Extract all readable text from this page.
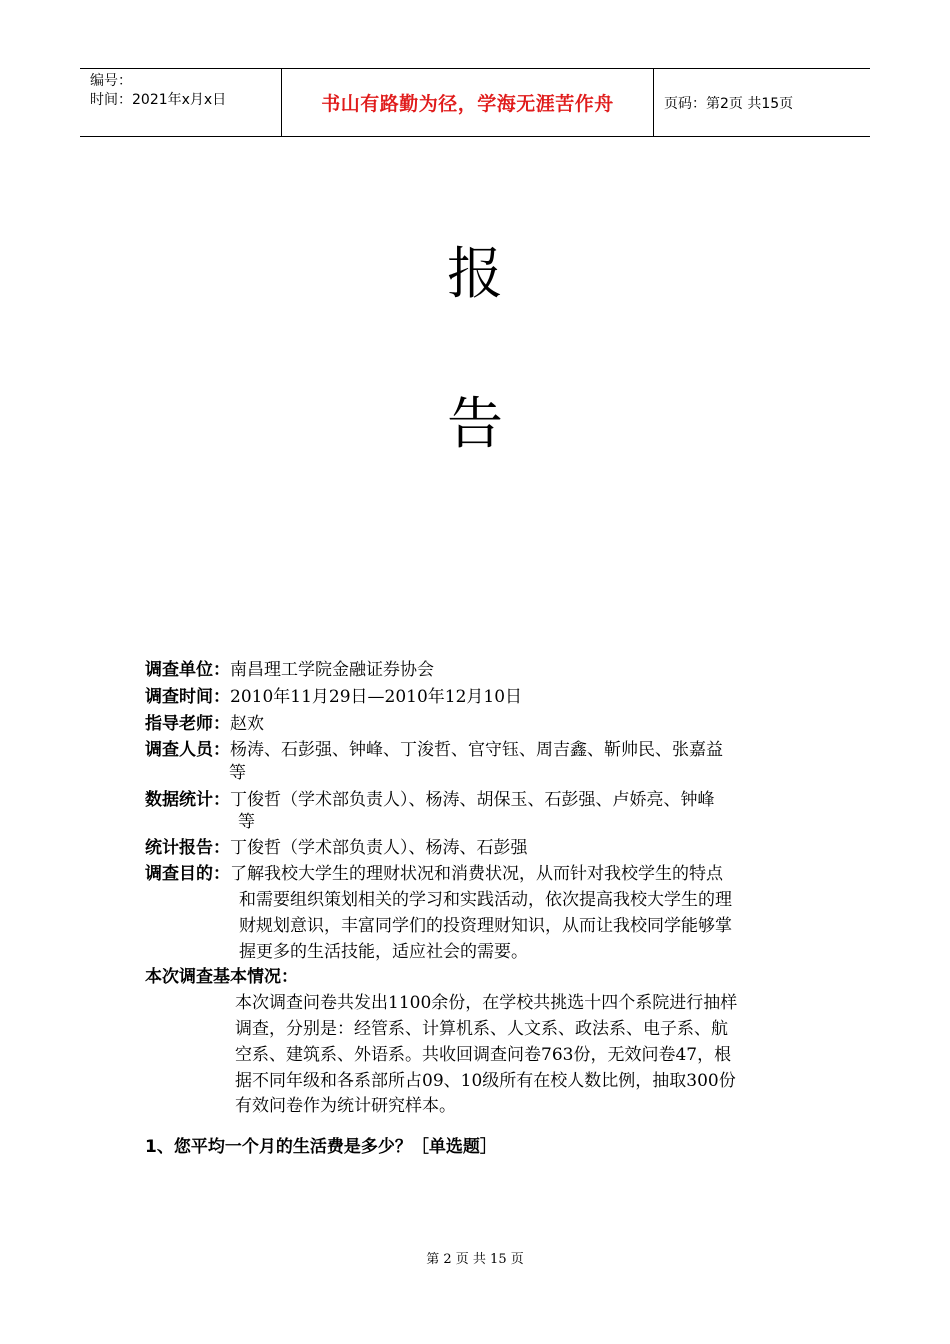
编号：
时间：2021年x月x日	书山有路勤为径，学海无涯苦作舟	页码：第2页 共15页
报
告
调查单位：南昌理工学院金融证券协会
调查时间：2010年11月29日—2010年12月10日
指导老师：赵欢
调查人员：杨涛、石彭强、钟峰、丁浚哲、官守钰、周吉鑫、靳帅民、张嘉益
等
数据统计：丁俊哲（学术部负责人）、杨涛、胡保玉、石彭强、卢娇亮、钟峰
等
统计报告：丁俊哲（学术部负责人）、杨涛、石彭强
调查目的：了解我校大学生的理财状况和消费状况，从而针对我校学生的特点
和需要组织策划相关的学习和实践活动，依次提高我校大学生的理
财规划意识，丰富同学们的投资理财知识，从而让我校同学能够掌
握更多的生活技能，适应社会的需要。
本次调查基本情况：
本次调查问卷共发出1100余份，在学校共挑选十四个系院进行抽样
调查，分别是：经管系、计算机系、人文系、政法系、电子系、航
空系、建筑系、外语系。共收回调查问卷763份，无效问卷47，根
据不同年级和各系部所占09、10级所有在校人数比例，抽取300份
有效问卷作为统计研究样本。
1、您平均一个月的生活费是多少？［单选题］
第 2 页 共 15 页
